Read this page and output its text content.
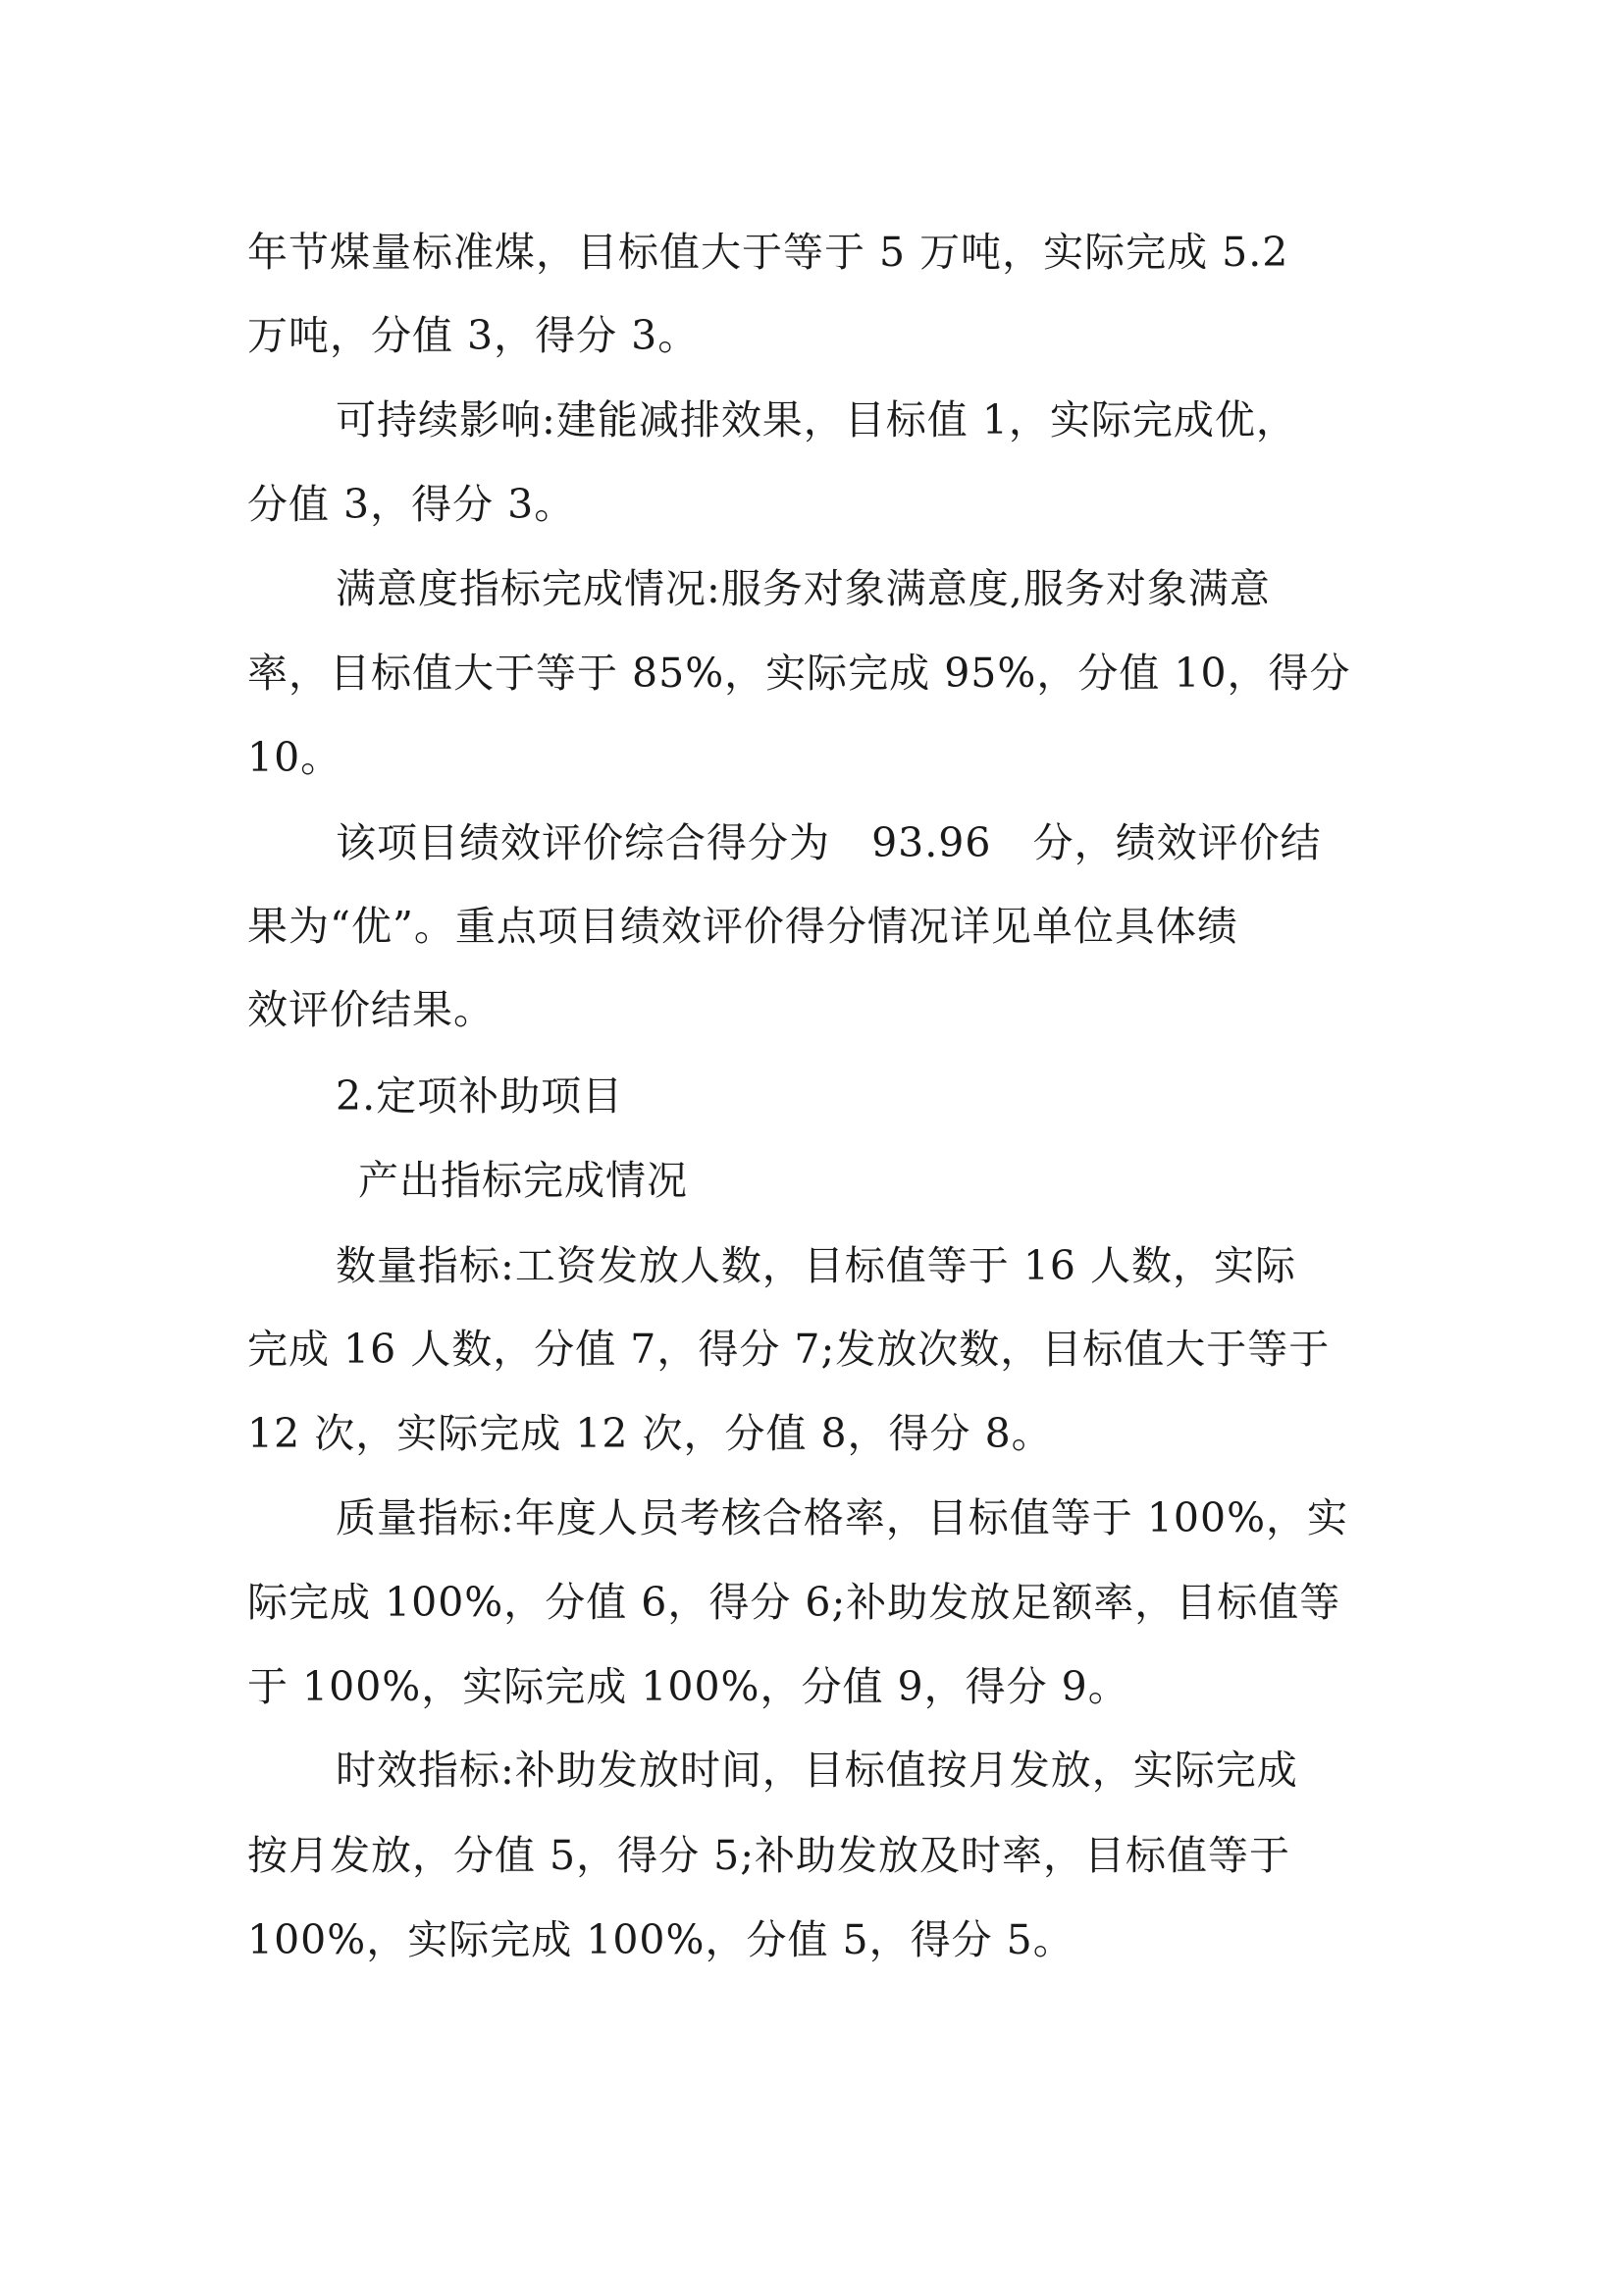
年节煤量标准煤，目标值大于等于 5 万吨，实际完成 5.2
万吨，分值 3，得分 3。
可持续影响:建能减排效果，目标值 1，实际完成优，
分值 3，得分 3。
满意度指标完成情况:服务对象满意度,服务对象满意
率，目标值大于等于 85%，实际完成 95%，分值 10，得分
10。
该项目绩效评价综合得分为   93.96   分，绩效评价结
果为“优”。重点项目绩效评价得分情况详见单位具体绩
效评价结果。
2.定项补助项目
产出指标完成情况
数量指标:工资发放人数，目标值等于 16 人数，实际
完成 16 人数，分值 7，得分 7;发放次数，目标值大于等于
12 次，实际完成 12 次，分值 8，得分 8。
质量指标:年度人员考核合格率，目标值等于 100%，实
际完成 100%，分值 6，得分 6;补助发放足额率，目标值等
于 100%，实际完成 100%，分值 9，得分 9。
时效指标:补助发放时间，目标值按月发放，实际完成
按月发放，分值 5，得分 5;补助发放及时率，目标值等于
100%，实际完成 100%，分值 5，得分 5。
